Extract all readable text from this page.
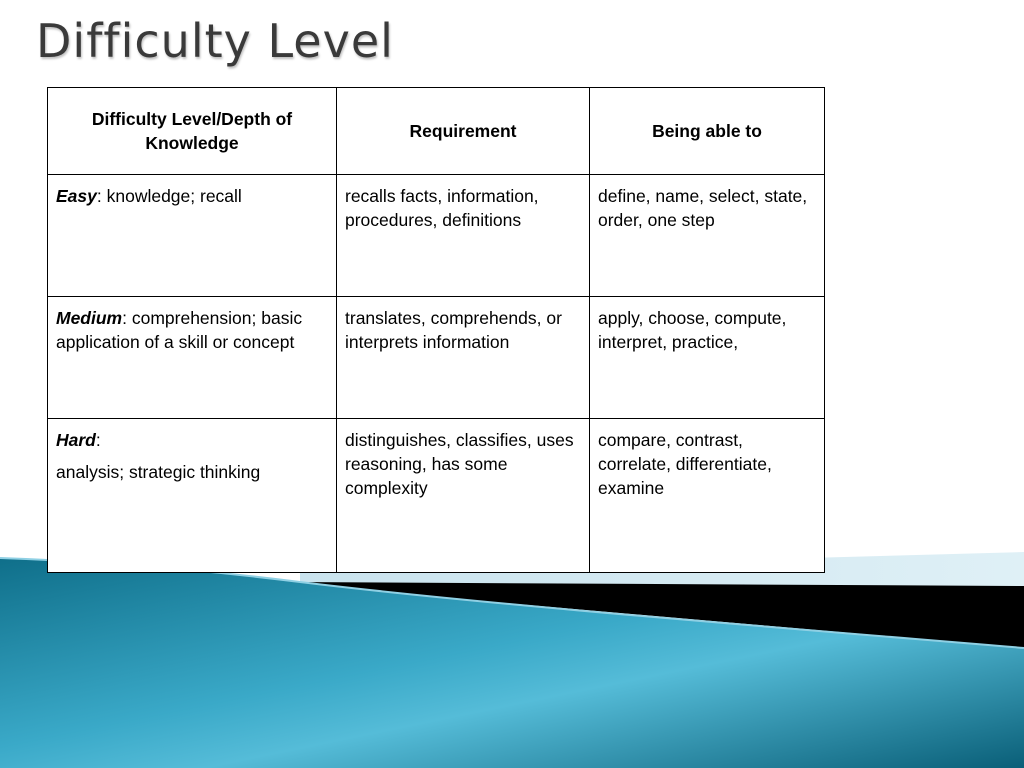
Difficulty Level
Difficulty Level/Depth of Knowledge	Requirement	Being able to
Easy: knowledge; recall	recalls facts, information, procedures, definitions	define, name, select, state, order, one step
Medium: comprehension; basic application of a skill or concept	translates, comprehends, or interprets information	apply, choose, compute, interpret, practice,

Hard:

analysis; strategic thinking	distinguishes, classifies, uses reasoning, has some complexity	compare, contrast, correlate, differentiate, examine
